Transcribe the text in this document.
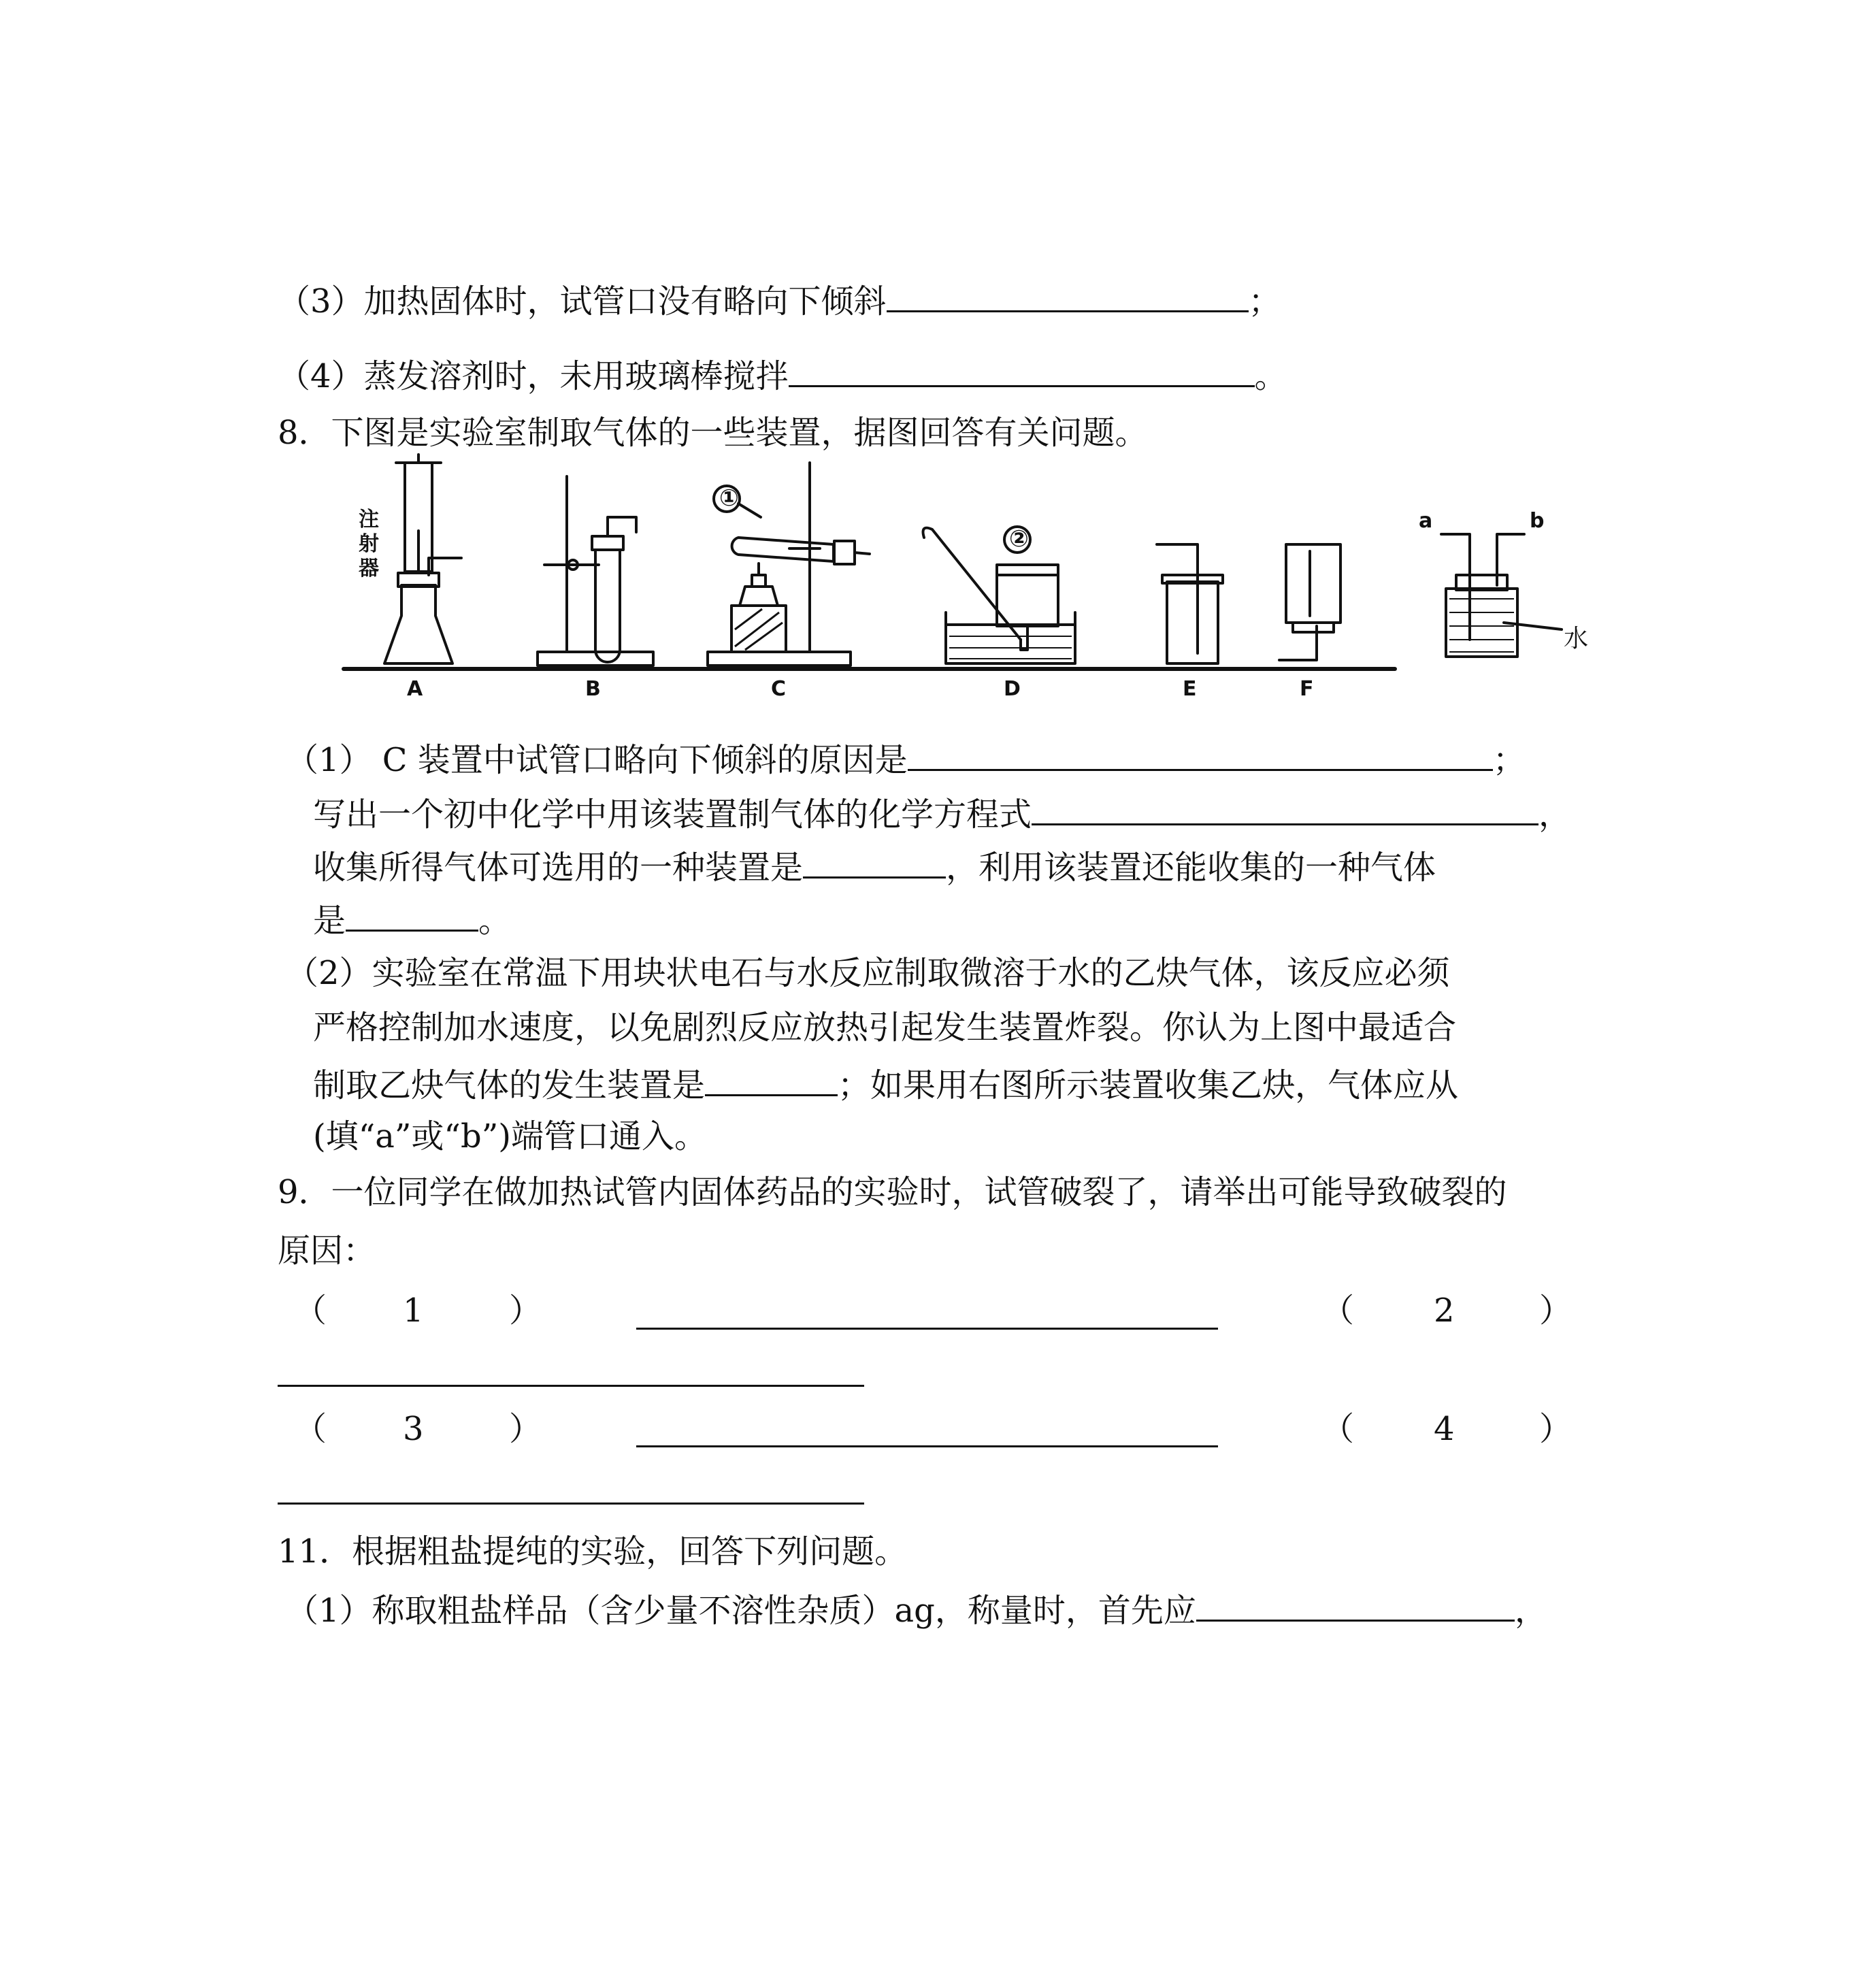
（3）加热固体时，试管口没有略向下倾斜	；
（4）蒸发溶剂时，未用玻璃棒搅拌	。
8．下图是实验室制取气体的一些装置，据图回答有关问题。
注射器
①
②
a	b
水
A	B	C	D	E	F
（1） C 装置中试管口略向下倾斜的原因是	；
写出一个初中化学中用该装置制气体的化学方程式	，
收集所得气体可选用的一种装置是	，利用该装置还能收集的一种气体
是	。
（2）实验室在常温下用块状电石与水反应制取微溶于水的乙炔气体，该反应必须
严格控制加水速度，以免剧烈反应放热引起发生装置炸裂。你认为上图中最适合
制取乙炔气体的发生装置是	；如果用右图所示装置收集乙炔，气体应从
(填“a”或“b”)端管口通入。
9．一位同学在做加热试管内固体药品的实验时，试管破裂了，请举出可能导致破裂的
原因：
（ 1	）	（ 2	）
（ 3	）	（ 4	）
11．根据粗盐提纯的实验，回答下列问题。
（1）称取粗盐样品（含少量不溶性杂质）ag，称量时，首先应	，
